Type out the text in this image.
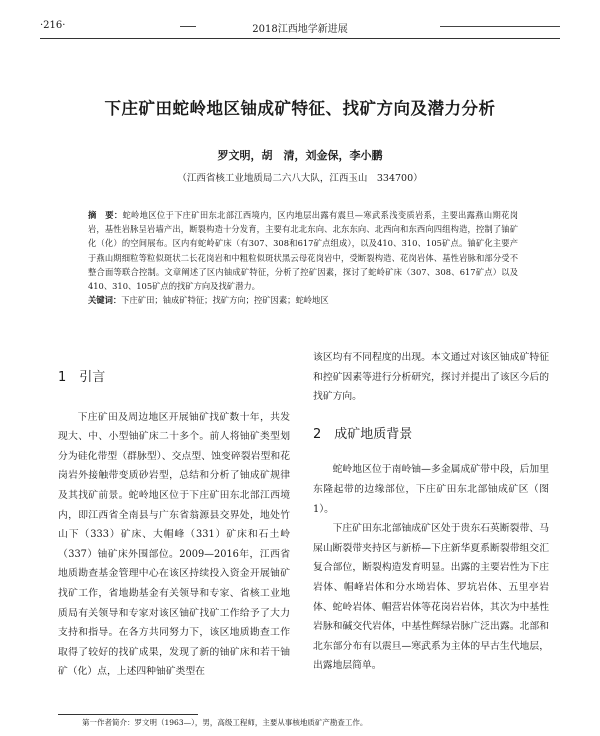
·216·	2018江西地学新进展
下庄矿田蛇岭地区铀成矿特征、找矿方向及潜力分析
罗文明，胡　清，刘金保，李小鹏
（江西省核工业地质局二六八大队，江西玉山　334700）
摘　要：蛇岭地区位于下庄矿田东北部江西境内，区内地层出露有震旦—寒武系浅变质岩系，主要出露燕山期花岗岩，基性岩脉呈岩墙产出，断裂构造十分发育，主要有北北东向、北东东向、北西向和东西向四组构造，控制了铀矿化（化）的空间展布。区内有蛇岭矿床（有307、308和617矿点组成），以及410、310、105矿点。铀矿化主要产于燕山期细粒等粒似斑状二长花岗岩和中粗粒似斑状黑云母花岗岩中，受断裂构造、花岗岩体、基性岩脉和部分受不整合面等联合控制。文章阐述了区内铀成矿特征，分析了控矿因素，探讨了蛇岭矿床（307、308、617矿点）以及410、310、105矿点的找矿方向及找矿潜力。
关键词：下庄矿田；铀成矿特征；找矿方向；控矿因素；蛇岭地区

1　引言

下庄矿田及周边地区开展铀矿找矿数十年，共发现大、中、小型铀矿床二十多个。前人将铀矿类型划分为硅化带型（群脉型）、交点型、蚀变碎裂岩型和花岗岩外接触带变质砂岩型，总结和分析了铀成矿规律及其找矿前景。蛇岭地区位于下庄矿田东北部江西境内，即江西省全南县与广东省翁源县交界处，地处竹山下（333）矿床、大帽峰（331）矿床和石土岭（337）铀矿床外围部位。2009—2016年，江西省地质勘查基金管理中心在该区持续投入资金开展铀矿找矿工作，省地勘基金有关领导和专家、省核工业地质局有关领导和专家对该区铀矿找矿工作给予了大力支持和指导。在各方共同努力下，该区地质勘查工作取得了较好的找矿成果，发现了新的铀矿床和若干铀矿（化）点，上述四种铀矿类型在

该区均有不同程度的出现。本文通过对该区铀成矿特征和控矿因素等进行分析研究，探讨并提出了该区今后的找矿方向。

2　成矿地质背景

蛇岭地区位于南岭铀—多金属成矿带中段，后加里东隆起带的边缘部位，下庄矿田东北部铀成矿区（图1）。

下庄矿田东北部铀成矿区处于贵东石英断裂带、马屎山断裂带夹持区与新桥—下庄新华夏系断裂带组交汇复合部位，断裂构造发育明显。出露的主要岩性为下庄岩体、帽峰岩体和分水坳岩体、罗坑岩体、五里亭岩体、蛇岭岩体、帽营岩体等花岗岩岩体，其次为中基性岩脉和碱交代岩体，中基性辉绿岩脉广泛出露。北部和北东部分布有以震旦—寒武系为主体的早古生代地层，出露地层简单。

第一作者简介：罗文明（1963—），男，高级工程师，主要从事核地质矿产勘查工作。
